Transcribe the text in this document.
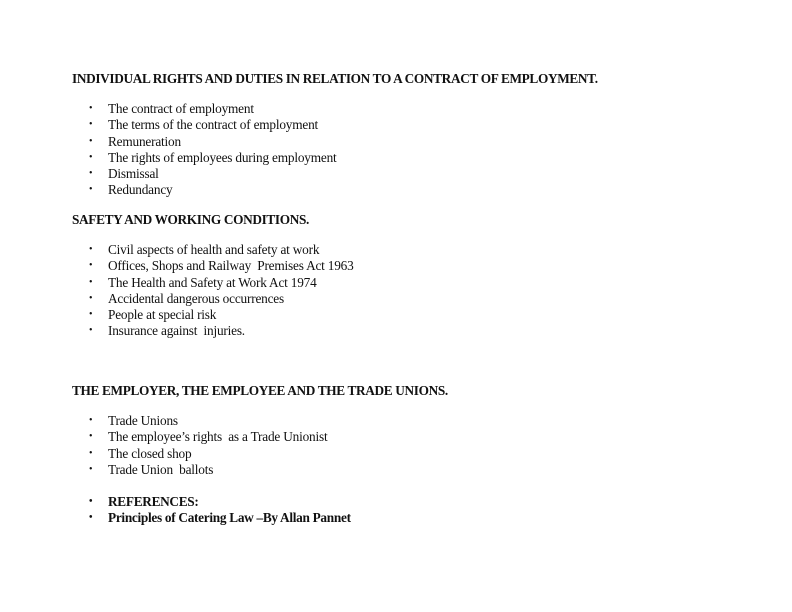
INDIVIDUAL RIGHTS AND DUTIES IN RELATION TO A CONTRACT OF EMPLOYMENT.
• The contract of employment
• The terms of the contract of employment
• Remuneration
• The rights of employees during employment
• Dismissal
• Redundancy
SAFETY AND WORKING CONDITIONS.
• Civil aspects of health and safety at work
• Offices, Shops and Railway  Premises Act 1963
• The Health and Safety at Work Act 1974
• Accidental dangerous occurrences
• People at special risk
• Insurance against  injuries.
THE EMPLOYER, THE EMPLOYEE AND THE TRADE UNIONS.
• Trade Unions
• The employee’s rights  as a Trade Unionist
• The closed shop
• Trade Union  ballots
• REFERENCES:
• Principles of Catering Law –By Allan Pannet
